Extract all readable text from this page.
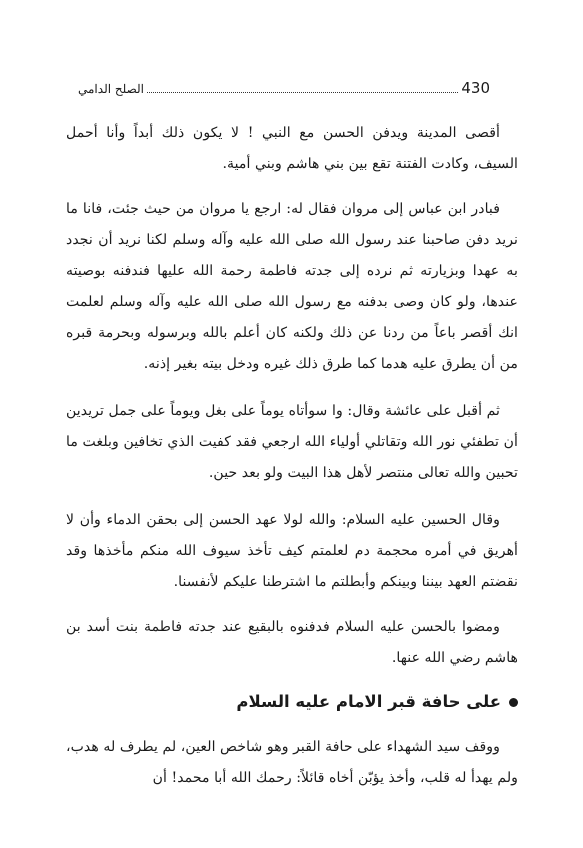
الصلح الدامي	430

أقصى المدينة ويدفن الحسن مع النبي ! لا يكون ذلك أبداً وأنا أحمل السيف، وكادت الفتنة تقع بين بني هاشم وبني أمية.

فبادر ابن عباس إلى مروان فقال له: ارجع يا مروان من حيث جئت، فانا ما نريد دفن صاحبنا عند رسول الله صلى الله عليه وآله وسلم لكنا نريد أن نجدد به عهدا وبزيارته ثم نرده إلى جدته فاطمة رحمة الله عليها فندفنه بوصيته عندها، ولو كان وصى بدفنه مع رسول الله صلى الله عليه وآله وسلم لعلمت انك أقصر باعاً من ردنا عن ذلك ولكنه كان أعلم بالله وبرسوله وبحرمة قبره من أن يطرق عليه هدما كما طرق ذلك غيره ودخل بيته بغير إذنه.

ثم أقبل على عائشة وقال: وا سوأتاه يوماً على بغل ويوماً على جمل تريدين أن تطفئي نور الله وتقاتلي أولياء الله ارجعي فقد كفيت الذي تخافين وبلغت ما تحبين والله تعالى منتصر لأهل هذا البيت ولو بعد حين.

وقال الحسين عليه السلام: والله لولا عهد الحسن إلى بحقن الدماء وأن لا أهريق في أمره محجمة دم لعلمتم كيف تأخذ سيوف الله منكم مأخذها وقد نقضتم العهد بيننا وبينكم وأبطلتم ما اشترطنا عليكم لأنفسنا.

ومضوا بالحسن عليه السلام فدفنوه بالبقيع عند جدته فاطمة بنت أسد بن هاشم رضي الله عنها.

على حافة قبر الامام عليه السلام

ووقف سيد الشهداء على حافة القبر وهو شاخص العين، لم يطرف له هدب، ولم يهدأ له قلب، وأخذ يؤبّن أخاه قائلاً: رحمك الله أبا محمد! أن
